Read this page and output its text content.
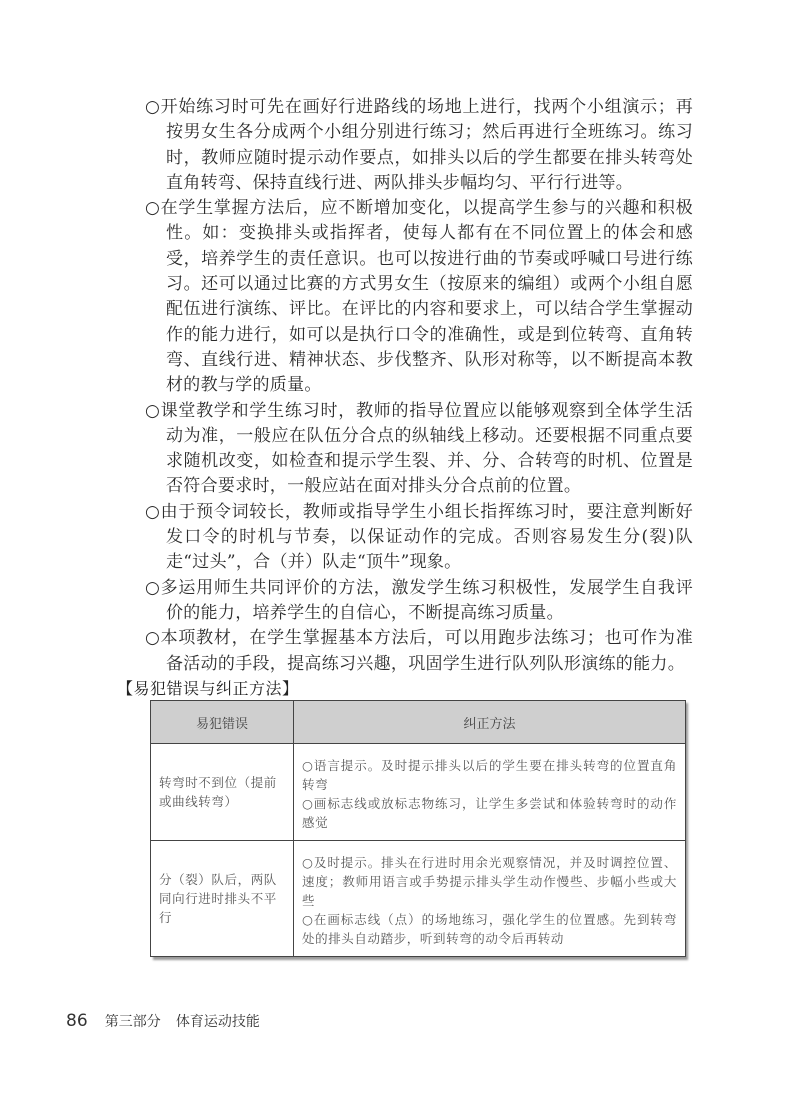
○开始练习时可先在画好行进路线的场地上进行，找两个小组演示；再按男女生各分成两个小组分别进行练习；然后再进行全班练习。练习时，教师应随时提示动作要点，如排头以后的学生都要在排头转弯处直角转弯、保持直线行进、两队排头步幅均匀、平行行进等。

○在学生掌握方法后，应不断增加变化，以提高学生参与的兴趣和积极性。如：变换排头或指挥者，使每人都有在不同位置上的体会和感受，培养学生的责任意识。也可以按进行曲的节奏或呼喊口号进行练习。还可以通过比赛的方式男女生（按原来的编组）或两个小组自愿配伍进行演练、评比。在评比的内容和要求上，可以结合学生掌握动作的能力进行，如可以是执行口令的准确性，或是到位转弯、直角转弯、直线行进、精神状态、步伐整齐、队形对称等，以不断提高本教材的教与学的质量。

○课堂教学和学生练习时，教师的指导位置应以能够观察到全体学生活动为准，一般应在队伍分合点的纵轴线上移动。还要根据不同重点要求随机改变，如检查和提示学生裂、并、分、合转弯的时机、位置是否符合要求时，一般应站在面对排头分合点前的位置。

○由于预令词较长，教师或指导学生小组长指挥练习时，要注意判断好发口令的时机与节奏，以保证动作的完成。否则容易发生分(裂)队走“过头”，合（并）队走“顶牛”现象。

○多运用师生共同评价的方法，激发学生练习积极性，发展学生自我评价的能力，培养学生的自信心，不断提高练习质量。

○本项教材，在学生掌握基本方法后，可以用跑步法练习；也可作为准备活动的手段，提高练习兴趣，巩固学生进行队列队形演练的能力。

【易犯错误与纠正方法】
易犯错误	纠正方法
转弯时不到位（提前或曲线转弯）	○语言提示。及时提示排头以后的学生要在排头转弯的位置直角转弯

○画标志线或放标志物练习，让学生多尝试和体验转弯时的动作感觉

分（裂）队后，两队同向行进时排头不平行	○及时提示。排头在行进时用余光观察情况，并及时调控位置、速度；教师用语言或手势提示排头学生动作慢些、步幅小些或大些

○在画标志线（点）的场地练习，强化学生的位置感。先到转弯处的排头自动踏步，听到转弯的动令后再转动

86 第三部分 体育运动技能
